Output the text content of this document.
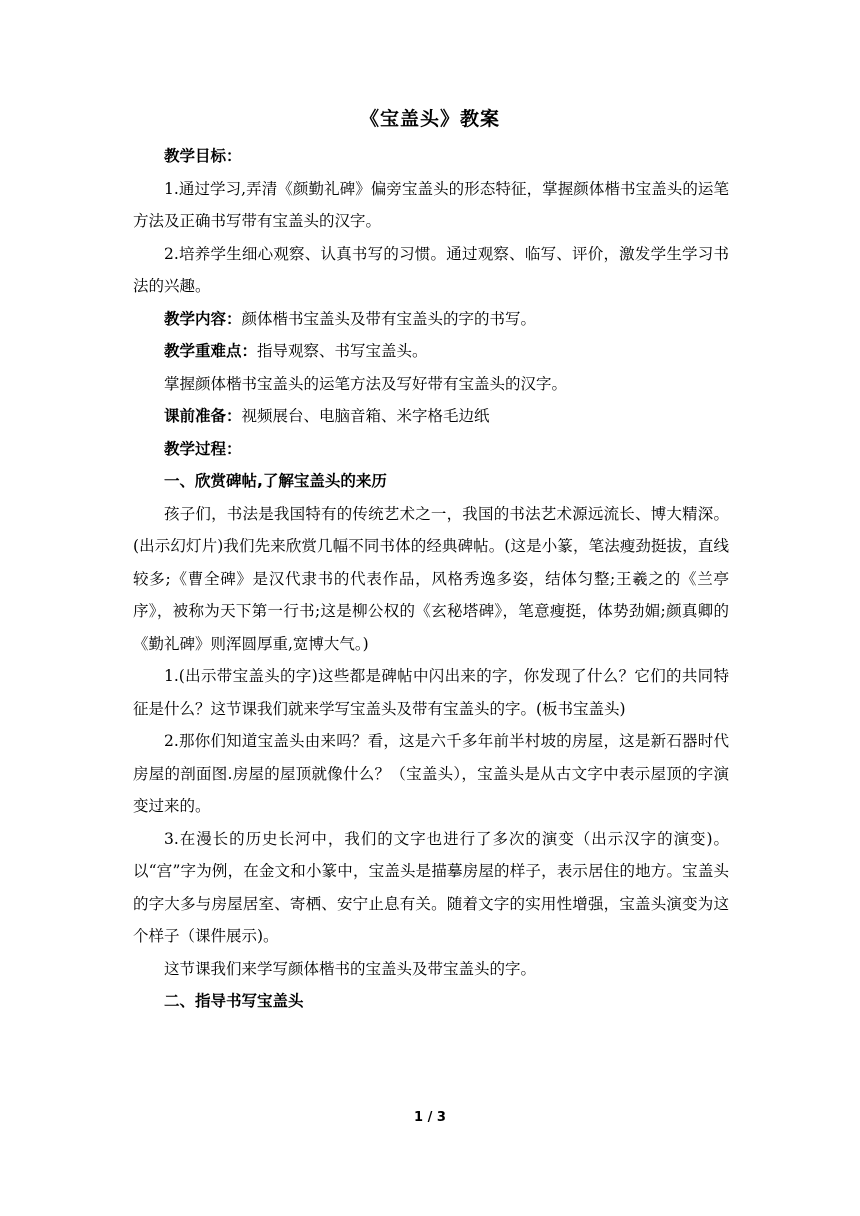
《宝盖头》教案

教学目标：

1.通过学习,弄清《颜勤礼碑》偏旁宝盖头的形态特征，掌握颜体楷书宝盖头的运笔方法及正确书写带有宝盖头的汉字。

2.培养学生细心观察、认真书写的习惯。通过观察、临写、评价，激发学生学习书法的兴趣。

教学内容：颜体楷书宝盖头及带有宝盖头的字的书写。

教学重难点：指导观察、书写宝盖头。

掌握颜体楷书宝盖头的运笔方法及写好带有宝盖头的汉字。

课前准备：视频展台、电脑音箱、米字格毛边纸

教学过程：

一、欣赏碑帖,了解宝盖头的来历

孩子们，书法是我国特有的传统艺术之一，我国的书法艺术源远流长、博大精深。(出示幻灯片)我们先来欣赏几幅不同书体的经典碑帖。(这是小篆，笔法瘦劲挺拔，直线较多;《曹全碑》是汉代隶书的代表作品，风格秀逸多姿，结体匀整;王羲之的《兰亭序》，被称为天下第一行书;这是柳公权的《玄秘塔碑》，笔意瘦挺，体势劲媚;颜真卿的《勤礼碑》则浑圆厚重,宽博大气。)

1.(出示带宝盖头的字)这些都是碑帖中闪出来的字，你发现了什么？它们的共同特征是什么？这节课我们就来学写宝盖头及带有宝盖头的字。(板书宝盖头)

2.那你们知道宝盖头由来吗？看，这是六千多年前半村坡的房屋，这是新石器时代房屋的剖面图.房屋的屋顶就像什么？（宝盖头），宝盖头是从古文字中表示屋顶的字演变过来的。

3.在漫长的历史长河中，我们的文字也进行了多次的演变（出示汉字的演变)。以“宫”字为例，在金文和小篆中，宝盖头是描摹房屋的样子，表示居住的地方。宝盖头的字大多与房屋居室、寄栖、安宁止息有关。随着文字的实用性增强，宝盖头演变为这个样子（课件展示)。

这节课我们来学写颜体楷书的宝盖头及带宝盖头的字。

二、指导书写宝盖头

1 / 3
